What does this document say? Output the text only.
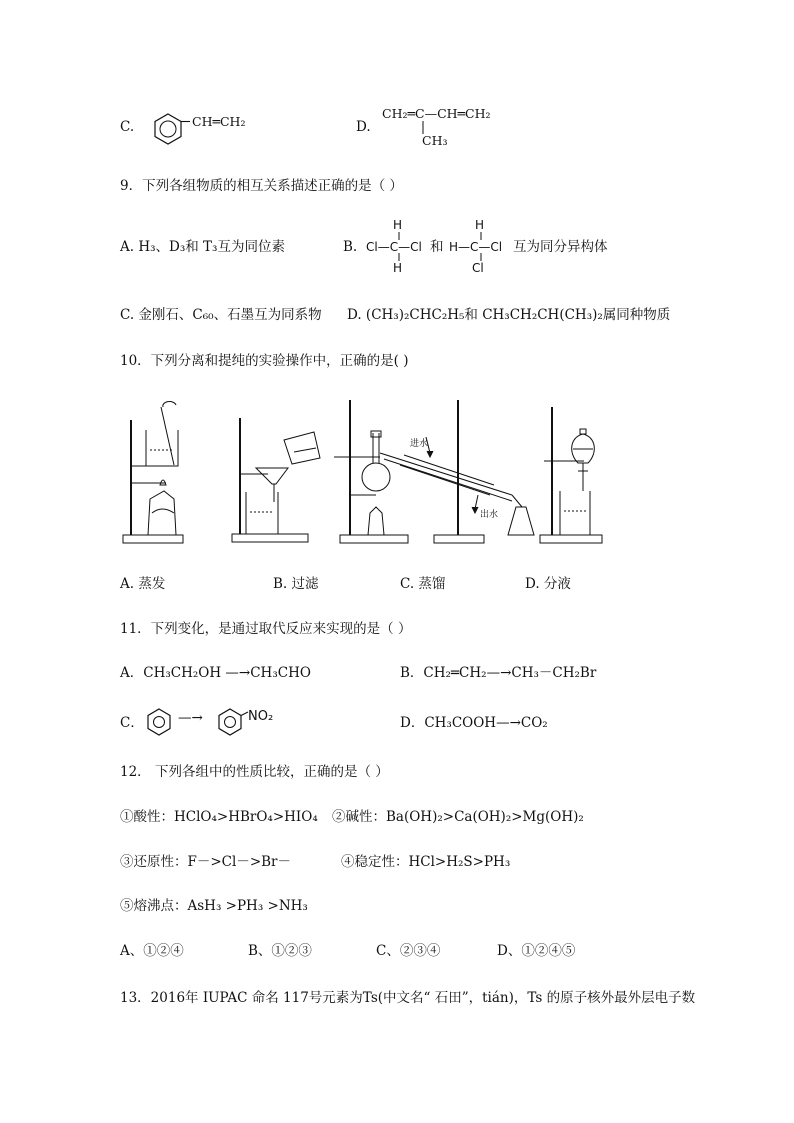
C.	CH═CH₂	D.
CH₂═C—CH═CH₂
CH₃
9．下列各组物质的相互关系描述正确的是（ ）
A. H₃、D₃和 T₃互为同位素	B.
H
Cl—C—Cl
H
和
H
H—C—Cl
Cl
互为同分异构体
C. 金刚石、C₆₀、石墨互为同系物 D. (CH₃)₂CHC₂H₅和 CH₃CH₂CH(CH₃)₂属同种物质
10．下列分离和提纯的实验操作中，正确的是( )
进水
出水
A. 蒸发	B. 过滤	C. 蒸馏	D. 分液
11．下列变化，是通过取代反应来实现的是（ ）
A．CH₃CH₂OH —→CH₃CHO	B．CH₂═CH₂—→CH₃－CH₂Br
C．	—→	NO₂	D．CH₃COOH—→CO₂
12． 下列各组中的性质比较，正确的是（ ）
①酸性：HClO₄>HBrO₄>HIO₄ ②碱性：Ba(OH)₂>Ca(OH)₂>Mg(OH)₂
③还原性：F－>Cl－>Br－	④稳定性：HCl>H₂S>PH₃
⑤熔沸点：AsH₃ >PH₃ >NH₃
A、①②④	B、①②③	C、②③④	D、①②④⑤
13．2016年 IUPAC 命名 117号元素为Ts(中文名“ 石田”，tián)，Ts 的原子核外最外层电子数
